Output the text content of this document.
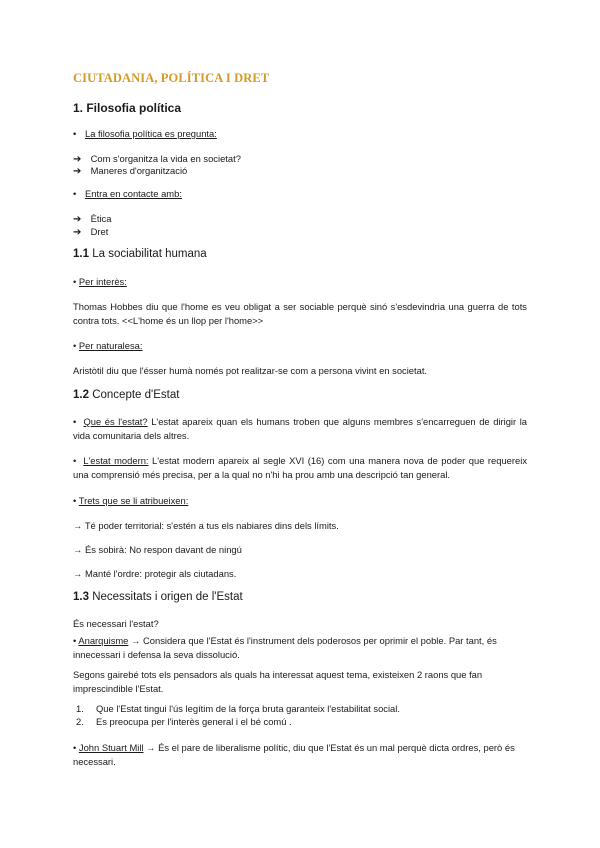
CIUTADANIA, POLÍTICA I DRET
1. Filosofia política
• La filosofia política es pregunta:
➔ Com s'organitza la vida en societat?
➔ Maneres d'organització
• Entra en contacte amb:
➔ Ètica
➔ Dret
1.1 La sociabilitat humana
• Per interès:
Thomas Hobbes diu que l'home es veu obligat a ser sociable perquè sinó s'esdevindria una guerra de tots contra tots. <<L'home és un llop per l'home>>
• Per naturalesa:
Aristòtil diu que l'ésser humà només pot realitzar-se com a persona vivint en societat.
1.2 Concepte d'Estat
•  Que és l'estat? L'estat apareix quan els humans troben que alguns membres s'encarreguen de dirigir la vida comunitaria dels altres.
•  L'estat modern: L'estat modern apareix al segle XVI (16) com una manera nova de poder que requereix una comprensió més precisa, per a la qual no n'hi ha prou amb una descripció tan general.
• Trets que se li atribueixen:
→ Té poder territorial: s'estén a tus els nabiares dins dels límits.
→ És sobirà: No respon davant de ningú
→ Manté l'ordre: protegir als ciutadans.
1.3 Necessitats i origen de l'Estat
És necessari l'estat?
• Anarquisme → Considera que l'Estat és l'instrument dels poderosos per oprimir el poble. Par tant, és innecessari i defensa la seva dissolució.
Segons gairebé tots els pensadors als quals ha interessat aquest tema, existeixen 2 raons que fan imprescindible l'Estat.
1. Que l'Estat tingui l'ús legítim de la força bruta garanteix l'estabilitat social.
2. Es preocupa per l'interès general i el bé comú .
• John Stuart Mill → És el pare de liberalisme polític, diu que l'Estat és un mal perquè dicta ordres, però és necessari.
